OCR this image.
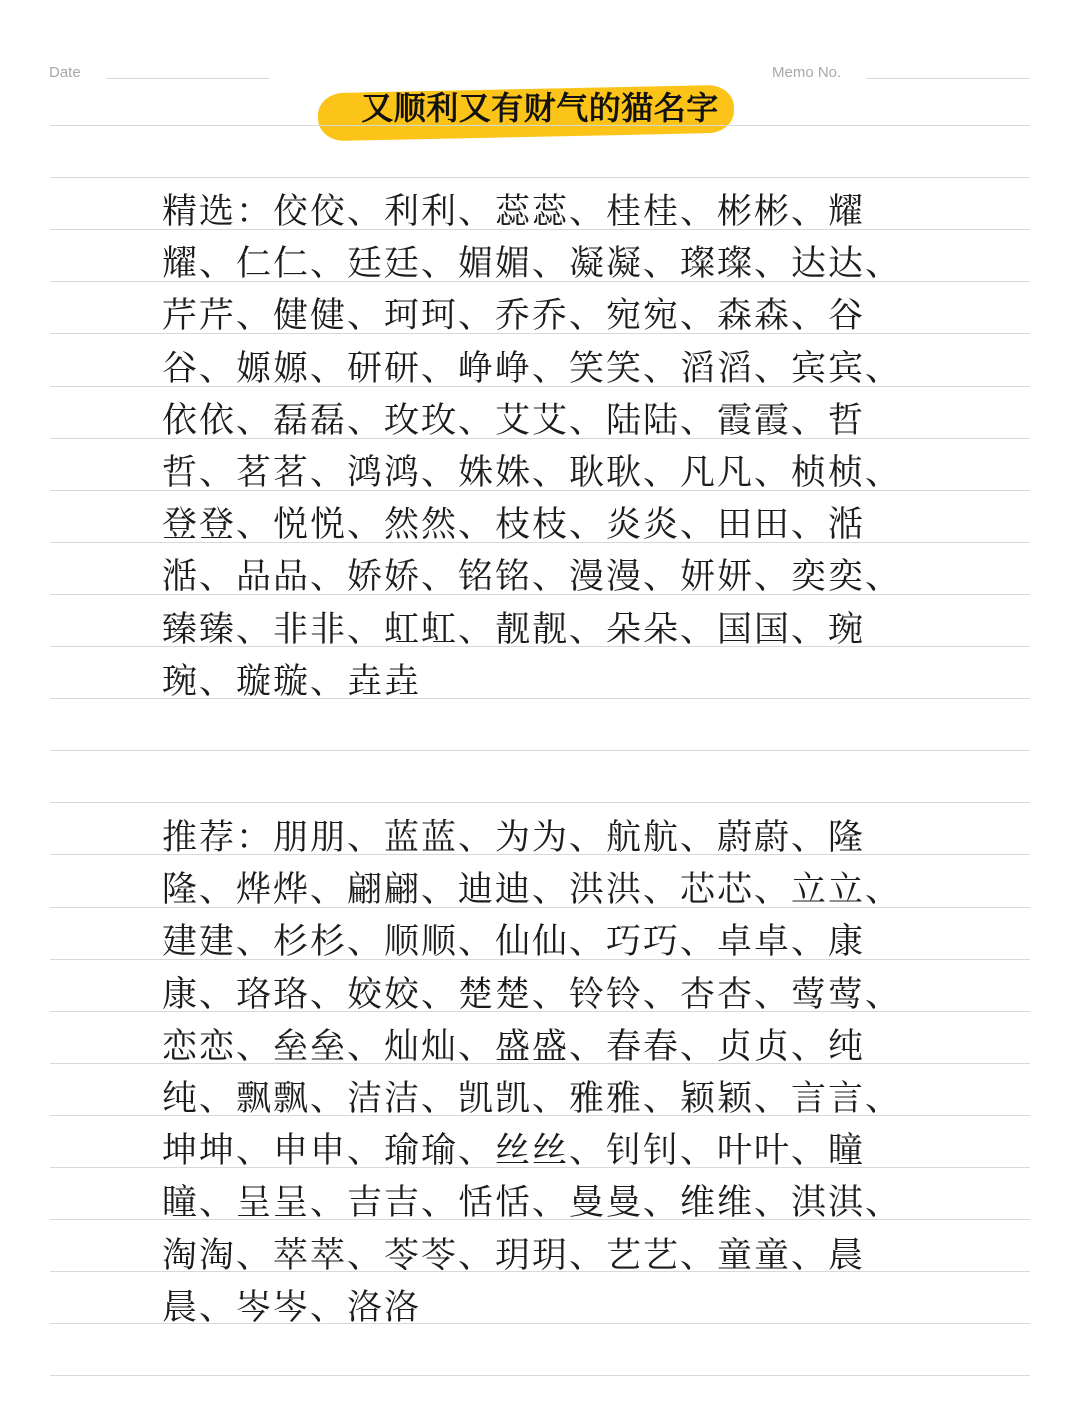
Date	Memo No.
又顺利又有财气的猫名字

精选：佼佼、利利、蕊蕊、桂桂、彬彬、耀耀、仁仁、廷廷、媚媚、凝凝、璨璨、达达、芹芹、健健、珂珂、乔乔、宛宛、森森、谷谷、嫄嫄、研研、峥峥、笑笑、滔滔、宾宾、依依、磊磊、玫玫、艾艾、陆陆、霞霞、哲哲、茗茗、鸿鸿、姝姝、耿耿、凡凡、桢桢、登登、悦悦、然然、枝枝、炎炎、田田、湉湉、品品、娇娇、铭铭、漫漫、妍妍、奕奕、臻臻、非非、虹虹、靓靓、朵朵、国国、琬琬、璇璇、垚垚

推荐：朋朋、蓝蓝、为为、航航、蔚蔚、隆隆、烨烨、翩翩、迪迪、洪洪、芯芯、立立、建建、杉杉、顺顺、仙仙、巧巧、卓卓、康康、珞珞、姣姣、楚楚、铃铃、杏杏、莺莺、恋恋、垒垒、灿灿、盛盛、春春、贞贞、纯纯、飘飘、洁洁、凯凯、雅雅、颖颖、言言、坤坤、申申、瑜瑜、丝丝、钊钊、叶叶、瞳瞳、呈呈、吉吉、恬恬、曼曼、维维、淇淇、淘淘、萃萃、苓苓、玥玥、艺艺、童童、晨晨、岑岑、洛洛
